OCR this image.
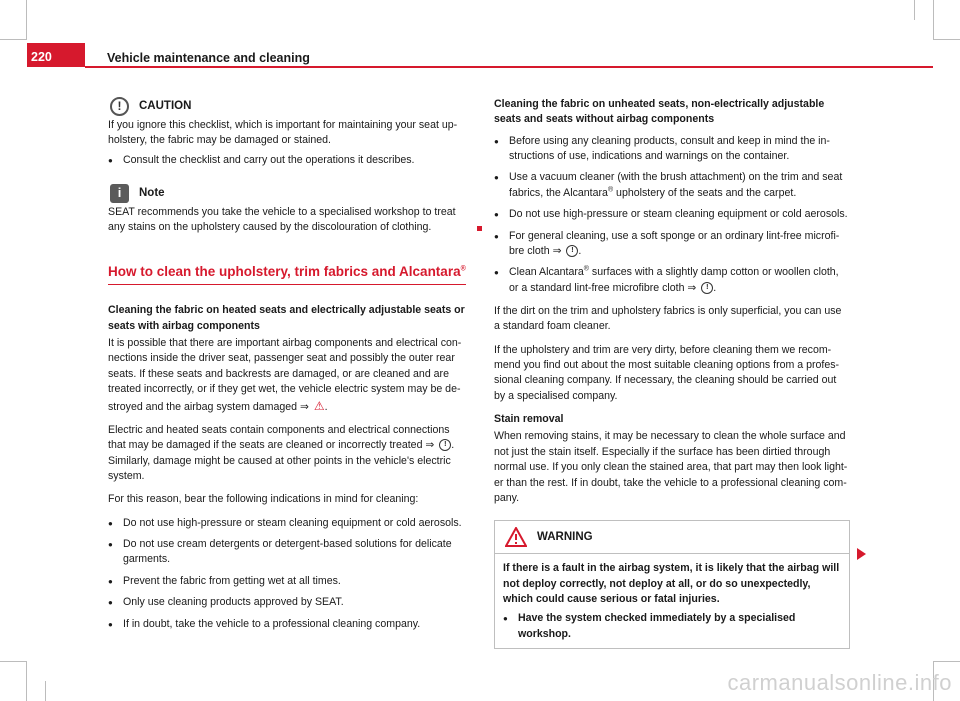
220	Vehicle maintenance and cleaning
!	CAUTION

If you ignore this checklist, which is important for maintaining your seat up-holstery, the fabric may be damaged or stained.

● Consult the checklist and carry out the operations it describes.
i	Note

SEAT recommends you take the vehicle to a specialised workshop to treat any stains on the upholstery caused by the discolouration of clothing.

How to clean the upholstery, trim fabrics and Alcantara®

Cleaning the fabric on heated seats and electrically adjustable seats or seats with airbag components

It is possible that there are important airbag components and electrical con-nections inside the driver seat, passenger seat and possibly the outer rear seats. If these seats and backrests are damaged, or are cleaned and are treated incorrectly, or if they get wet, the vehicle electric system may be de-stroyed and the airbag system damaged ⇒ ⚠.

Electric and heated seats contain components and electrical connections that may be damaged if the seats are cleaned or incorrectly treated ⇒ ! . Similarly, damage might be caused at other points in the vehicle's electric system.

For this reason, bear the following indications in mind for cleaning:

● Do not use high-pressure or steam cleaning equipment or cold aerosols.
● Do not use cream detergents or detergent-based solutions for delicate garments.
● Prevent the fabric from getting wet at all times.
● Only use cleaning products approved by SEAT.
● If in doubt, take the vehicle to a professional cleaning company.

Cleaning the fabric on unheated seats, non-electrically adjustable seats and seats without airbag components

● Before using any cleaning products, consult and keep in mind the in-structions of use, indications and warnings on the container.
● Use a vacuum cleaner (with the brush attachment) on the trim and seat fabrics, the Alcantara® upholstery of the seats and the carpet.
● Do not use high-pressure or steam cleaning equipment or cold aerosols.
● For general cleaning, use a soft sponge or an ordinary lint-free microfi-bre cloth ⇒ ! .
● Clean Alcantara® surfaces with a slightly damp cotton or woollen cloth, or a standard lint-free microfibre cloth ⇒ ! .

If the dirt on the trim and upholstery fabrics is only superficial, you can use a standard foam cleaner.

If the upholstery and trim are very dirty, before cleaning them we recom-mend you find out about the most suitable cleaning options from a profes-sional cleaning company. If necessary, the cleaning should be carried out by a specialised company.

Stain removal

When removing stains, it may be necessary to clean the whole surface and not just the stain itself. Especially if the surface has been dirtied through normal use. If you only clean the stained area, that part may then look light-er than the rest. If in doubt, take the vehicle to a professional cleaning com-pany.

WARNING

If there is a fault in the airbag system, it is likely that the airbag will not deploy correctly, not deploy at all, or do so unexpectedly, which could cause serious or fatal injuries.

● Have the system checked immediately by a specialised workshop.
carmanualsonline.info
